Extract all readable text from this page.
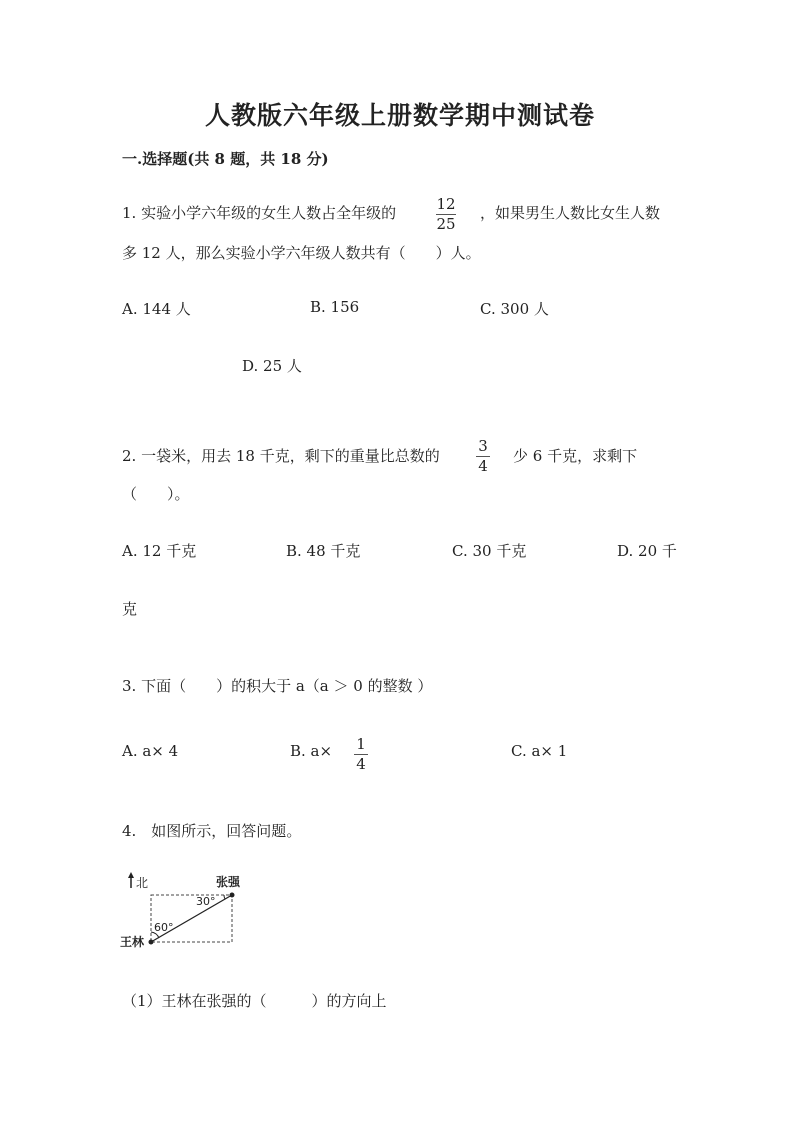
人教版六年级上册数学期中测试卷
一.选择题(共 8 题，共 18 分)
1. 实验小学六年级的女生人数占全年级的	12
25
，如果男生人数比女生人数
多 12 人，那么实验小学六年级人数共有（　　）人。
A. 144 人	B. 156	C. 300 人
D. 25 人
2. 一袋米，用去 18 千克，剩下的重量比总数的
3
4
少 6 千克，求剩下
（　　）。
A. 12 千克	B. 48 千克	C. 30 千克	D. 20 千
克
3. 下面（　　）的积大于 a（a ＞ 0 的整数 ）
A. a× 4	B. a× 1
4
C. a× 1
4.　如图所示，回答问题。
北	张强
王林
30°
60°
（1）王林在张强的（　　　）的方向上
